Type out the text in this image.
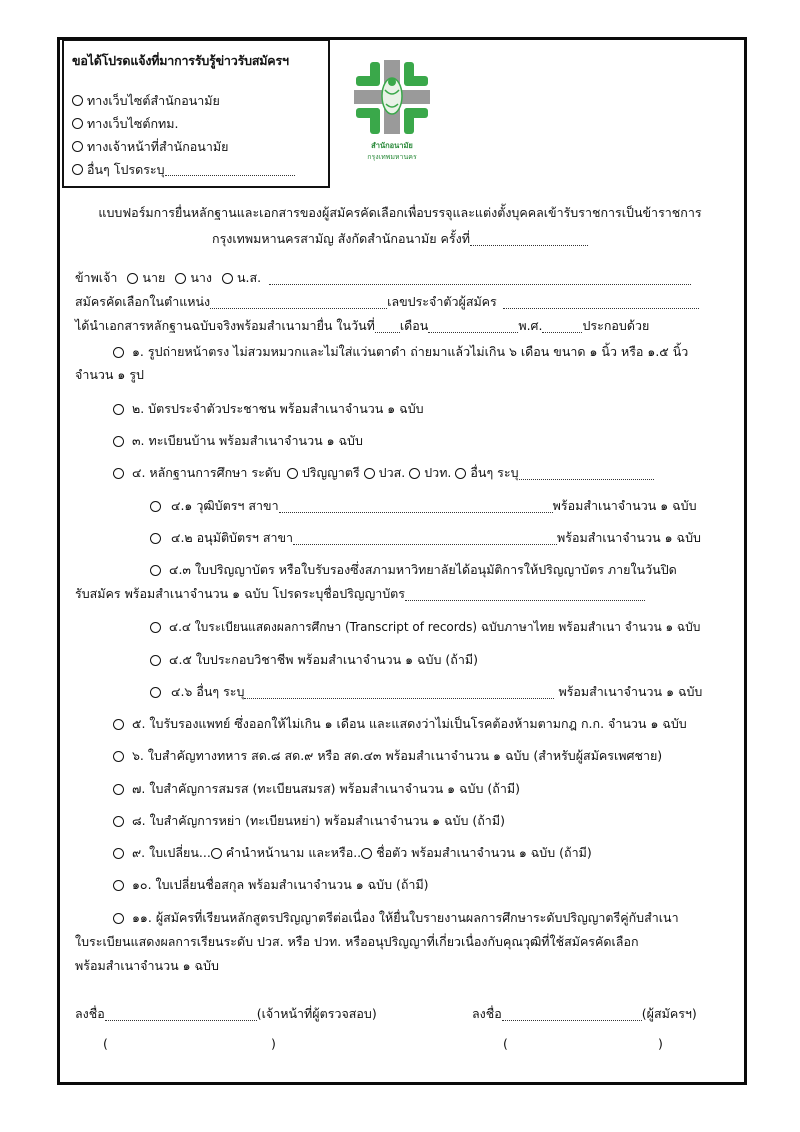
ขอได้โปรดแจ้งที่มาการรับรู้ข่าวรับสมัครฯ
ทางเว็บไซต์สำนักอนามัย
ทางเว็บไซต์กทม.
ทางเจ้าหน้าที่สำนักอนามัย
อื่นๆ โปรดระบุ
สำนักอนามัย
กรุงเทพมหานคร
แบบฟอร์มการยื่นหลักฐานและเอกสารของผู้สมัครคัดเลือกเพื่อบรรจุและแต่งตั้งบุคคลเข้ารับราชการเป็นข้าราชการ
กรุงเทพมหานครสามัญ สังกัดสำนักอนามัย ครั้งที่
ข้าพเจ้า นาย นาง น.ส.
สมัครคัดเลือกในตำแหน่ง	เลขประจำตัวผู้สมัคร
ได้นำเอกสารหลักฐานฉบับจริงพร้อมสำเนามายื่น ในวันที่ เดือน	พ.ศ.	ประกอบด้วย
๑. รูปถ่ายหน้าตรง ไม่สวมหมวกและไม่ใส่แว่นตาดำ ถ่ายมาแล้วไม่เกิน ๖ เดือน ขนาด ๑ นิ้ว หรือ ๑.๕ นิ้ว
จำนวน ๑ รูป
๒. บัตรประจำตัวประชาชน พร้อมสำเนาจำนวน ๑ ฉบับ
๓. ทะเบียนบ้าน พร้อมสำเนาจำนวน ๑ ฉบับ
๔. หลักฐานการศึกษา ระดับ ปริญญาตรี ปวส. ปวท. อื่นๆ ระบุ
๔.๑ วุฒิบัตรฯ สาขา	พร้อมสำเนาจำนวน ๑ ฉบับ
๔.๒ อนุมัติบัตรฯ สาขา	พร้อมสำเนาจำนวน ๑ ฉบับ
๔.๓ ใบปริญญาบัตร หรือใบรับรองซึ่งสภามหาวิทยาลัยได้อนุมัติการให้ปริญญาบัตร ภายในวันปิด
รับสมัคร พร้อมสำเนาจำนวน ๑ ฉบับ โปรดระบุชื่อปริญญาบัตร
๔.๔ ใบระเบียนแสดงผลการศึกษา (Transcript of records) ฉบับภาษาไทย พร้อมสำเนา จำนวน ๑ ฉบับ
๔.๕ ใบประกอบวิชาชีพ พร้อมสำเนาจำนวน ๑ ฉบับ (ถ้ามี)
๔.๖ อื่นๆ ระบุ	พร้อมสำเนาจำนวน ๑ ฉบับ
๕. ใบรับรองแพทย์ ซึ่งออกให้ไม่เกิน ๑ เดือน และแสดงว่าไม่เป็นโรคต้องห้ามตามกฎ ก.ก. จำนวน ๑ ฉบับ
๖. ใบสำคัญทางทหาร สด.๘ สด.๙ หรือ สด.๔๓ พร้อมสำเนาจำนวน ๑ ฉบับ (สำหรับผู้สมัครเพศชาย)
๗. ใบสำคัญการสมรส (ทะเบียนสมรส) พร้อมสำเนาจำนวน ๑ ฉบับ (ถ้ามี)
๘. ใบสำคัญการหย่า (ทะเบียนหย่า) พร้อมสำเนาจำนวน ๑ ฉบับ (ถ้ามี)
๙. ใบเปลี่ยน... คำนำหน้านาม และหรือ.. ชื่อตัว พร้อมสำเนาจำนวน ๑ ฉบับ (ถ้ามี)
๑๐. ใบเปลี่ยนชื่อสกุล พร้อมสำเนาจำนวน ๑ ฉบับ (ถ้ามี)
๑๑. ผู้สมัครที่เรียนหลักสูตรปริญญาตรีต่อเนื่อง ให้ยื่นใบรายงานผลการศึกษาระดับปริญญาตรีคู่กับสำเนา
ใบระเบียนแสดงผลการเรียนระดับ ปวส. หรือ ปวท. หรืออนุปริญญาที่เกี่ยวเนื่องกับคุณวุฒิที่ใช้สมัครคัดเลือก
พร้อมสำเนาจำนวน ๑ ฉบับ
ลงชื่อ	(เจ้าหน้าที่ผู้ตรวจสอบ)	ลงชื่อ	(ผู้สมัครฯ)
(	)	(	)
